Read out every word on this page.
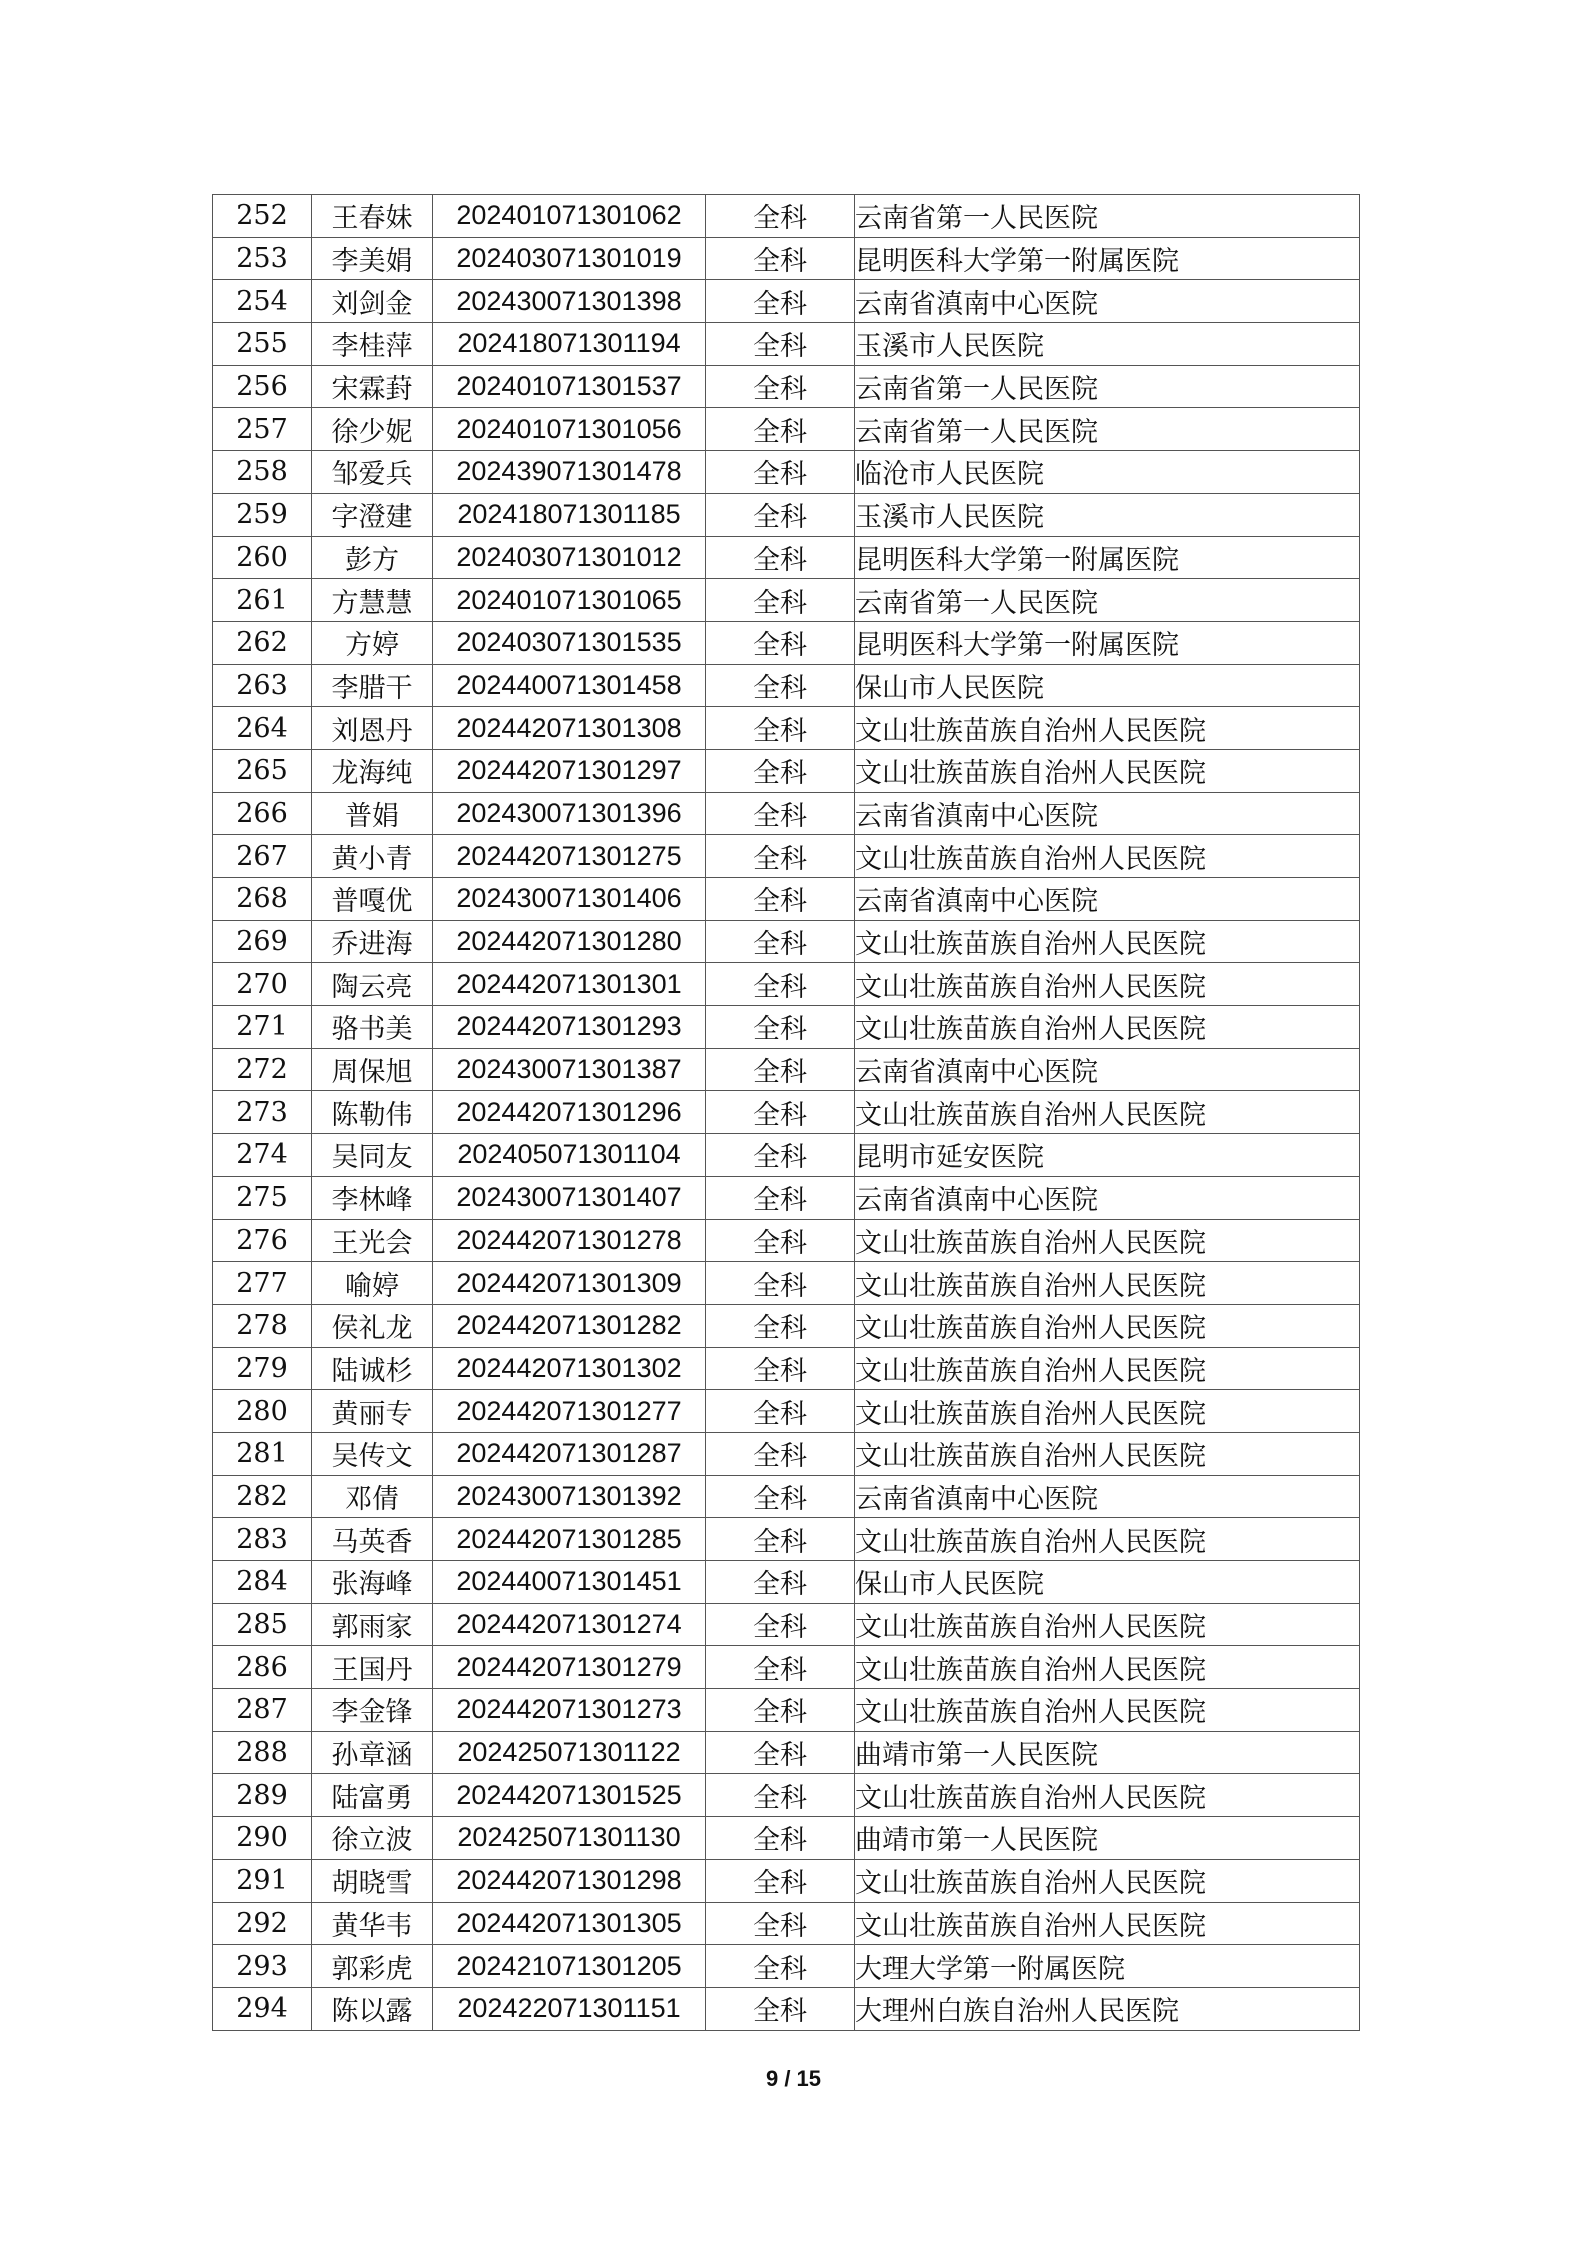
252	王春妹	202401071301062	全科	云南省第一人民医院
253	李美娟	202403071301019	全科	昆明医科大学第一附属医院
254	刘剑金	202430071301398	全科	云南省滇南中心医院
255	李桂萍	202418071301194	全科	玉溪市人民医院
256	宋霖葑	202401071301537	全科	云南省第一人民医院
257	徐少妮	202401071301056	全科	云南省第一人民医院
258	邹爱兵	202439071301478	全科	临沧市人民医院
259	字澄建	202418071301185	全科	玉溪市人民医院
260	彭方	202403071301012	全科	昆明医科大学第一附属医院
261	方慧慧	202401071301065	全科	云南省第一人民医院
262	方婷	202403071301535	全科	昆明医科大学第一附属医院
263	李腊干	202440071301458	全科	保山市人民医院
264	刘恩丹	202442071301308	全科	文山壮族苗族自治州人民医院
265	龙海纯	202442071301297	全科	文山壮族苗族自治州人民医院
266	普娟	202430071301396	全科	云南省滇南中心医院
267	黄小青	202442071301275	全科	文山壮族苗族自治州人民医院
268	普嘎优	202430071301406	全科	云南省滇南中心医院
269	乔进海	202442071301280	全科	文山壮族苗族自治州人民医院
270	陶云亮	202442071301301	全科	文山壮族苗族自治州人民医院
271	骆书美	202442071301293	全科	文山壮族苗族自治州人民医院
272	周保旭	202430071301387	全科	云南省滇南中心医院
273	陈勒伟	202442071301296	全科	文山壮族苗族自治州人民医院
274	吴同友	202405071301104	全科	昆明市延安医院
275	李林峰	202430071301407	全科	云南省滇南中心医院
276	王光会	202442071301278	全科	文山壮族苗族自治州人民医院
277	喻婷	202442071301309	全科	文山壮族苗族自治州人民医院
278	侯礼龙	202442071301282	全科	文山壮族苗族自治州人民医院
279	陆诚杉	202442071301302	全科	文山壮族苗族自治州人民医院
280	黄丽专	202442071301277	全科	文山壮族苗族自治州人民医院
281	吴传文	202442071301287	全科	文山壮族苗族自治州人民医院
282	邓倩	202430071301392	全科	云南省滇南中心医院
283	马英香	202442071301285	全科	文山壮族苗族自治州人民医院
284	张海峰	202440071301451	全科	保山市人民医院
285	郭雨家	202442071301274	全科	文山壮族苗族自治州人民医院
286	王国丹	202442071301279	全科	文山壮族苗族自治州人民医院
287	李金锋	202442071301273	全科	文山壮族苗族自治州人民医院
288	孙章涵	202425071301122	全科	曲靖市第一人民医院
289	陆富勇	202442071301525	全科	文山壮族苗族自治州人民医院
290	徐立波	202425071301130	全科	曲靖市第一人民医院
291	胡晓雪	202442071301298	全科	文山壮族苗族自治州人民医院
292	黄华韦	202442071301305	全科	文山壮族苗族自治州人民医院
293	郭彩虎	202421071301205	全科	大理大学第一附属医院
294	陈以露	202422071301151	全科	大理州白族自治州人民医院
9 / 15
